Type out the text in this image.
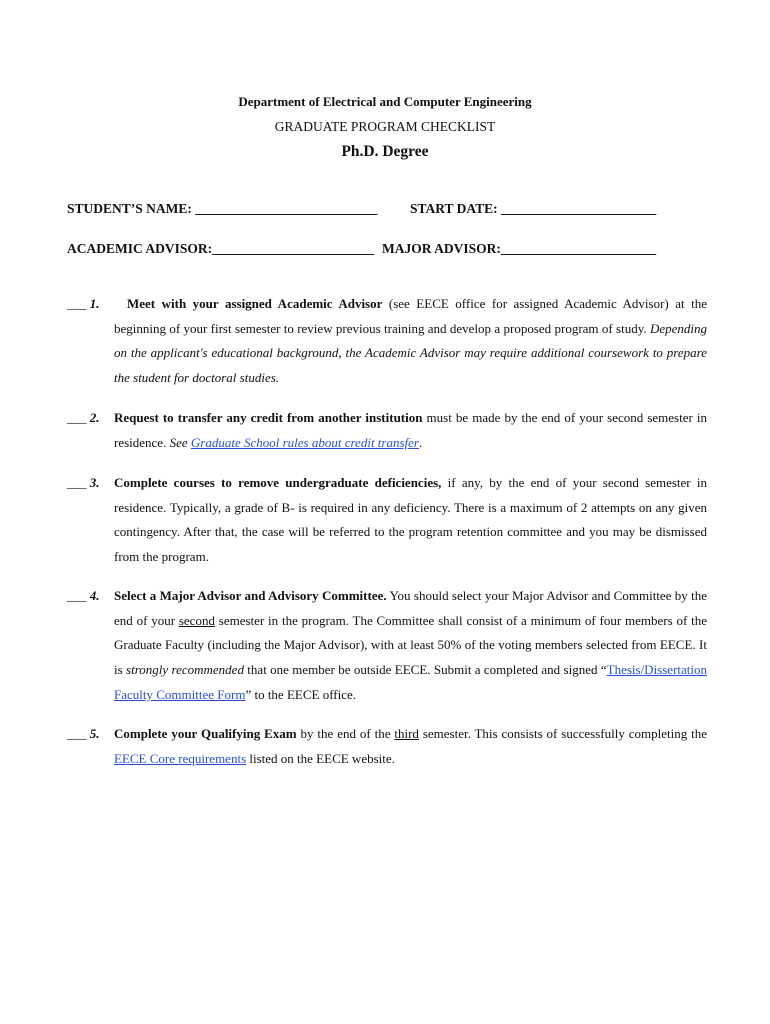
Department of Electrical and Computer Engineering
GRADUATE PROGRAM CHECKLIST
Ph.D. Degree
STUDENT’S NAME: ___________________________ START DATE: _______________________
ACADEMIC ADVISOR:________________________ MAJOR ADVISOR:_______________________
___ 1.	Meet with your assigned Academic Advisor (see EECE office for assigned Academic Advisor) at the beginning of your first semester to review previous training and develop a proposed program of study. Depending on the applicant's educational background, the Academic Advisor may require additional coursework to prepare the student for doctoral studies.
___ 2. Request to transfer any credit from another institution must be made by the end of your second semester in residence. See Graduate School rules about credit transfer.
___ 3. Complete courses to remove undergraduate deficiencies, if any, by the end of your second semester in residence. Typically, a grade of B- is required in any deficiency. There is a maximum of 2 attempts on any given contingency. After that, the case will be referred to the program retention committee and you may be dismissed from the program.
___ 4. Select a Major Advisor and Advisory Committee. You should select your Major Advisor and Committee by the end of your second semester in the program. The Committee shall consist of a minimum of four members of the Graduate Faculty (including the Major Advisor), with at least 50% of the voting members selected from EECE. It is strongly recommended that one member be outside EECE. Submit a completed and signed “Thesis/Dissertation Faculty Committee Form” to the EECE office.
___ 5. Complete your Qualifying Exam by the end of the third semester. This consists of successfully completing the EECE Core requirements listed on the EECE website.
